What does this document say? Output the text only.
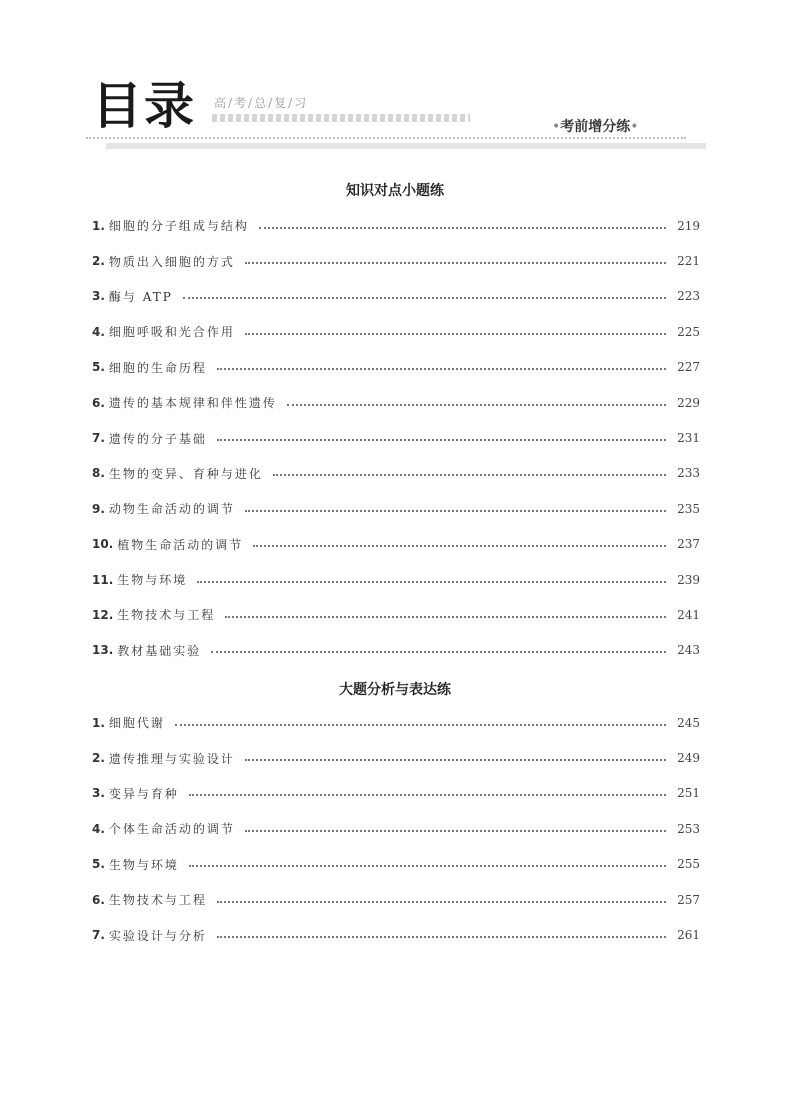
目录 高/考/总/复/习
•考前增分练•
知识对点小题练
1. 细胞的分子组成与结构	219
2. 物质出入细胞的方式	221
3. 酶与 ATP	223
4. 细胞呼吸和光合作用	225
5. 细胞的生命历程	227
6. 遗传的基本规律和伴性遗传	229
7. 遗传的分子基础	231
8. 生物的变异、育种与进化	233
9. 动物生命活动的调节	235
10. 植物生命活动的调节	237
11. 生物与环境	239
12. 生物技术与工程	241
13. 教材基础实验	243
大题分析与表达练
1. 细胞代谢	245
2. 遗传推理与实验设计	249
3. 变异与育种	251
4. 个体生命活动的调节	253
5. 生物与环境	255
6. 生物技术与工程	257
7. 实验设计与分析	261
